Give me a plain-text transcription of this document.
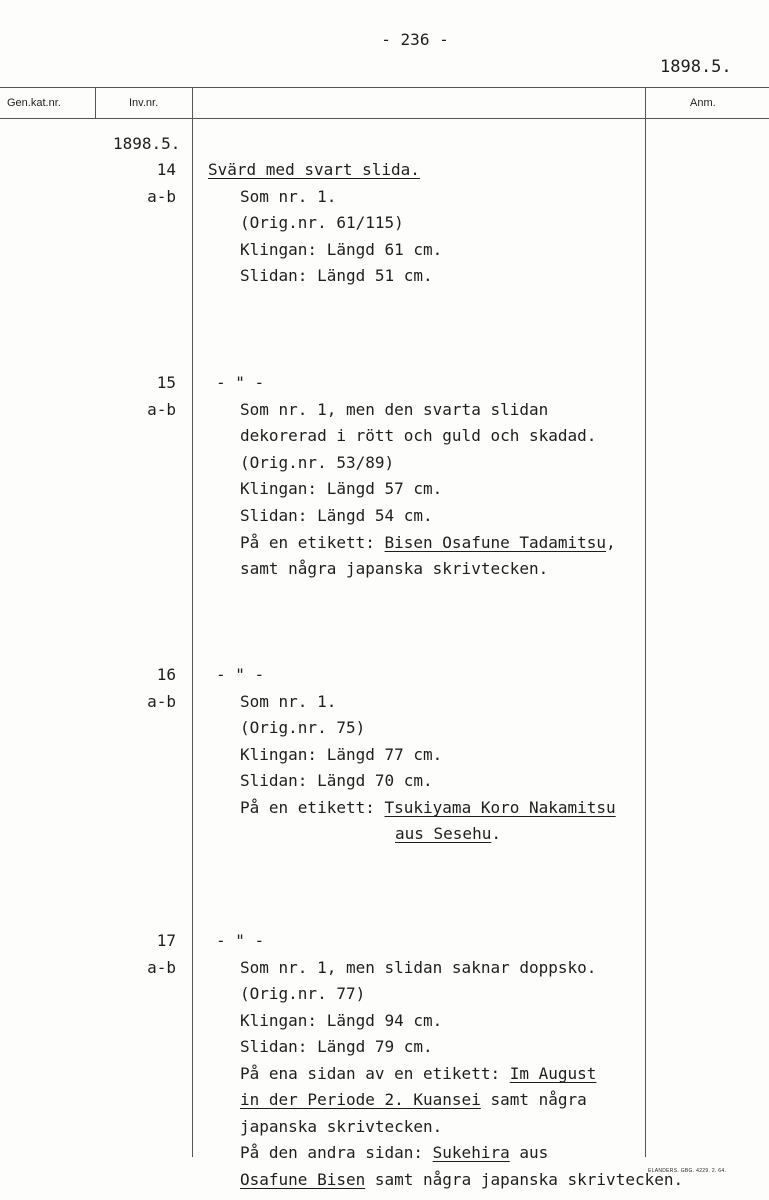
- 236 -
1898.5.
Gen.kat.nr.	Inv.nr.	Anm.
1898.5.
14
a-b
Svärd med svart slida.
Som nr. 1.
(Orig.nr. 61/115)
Klingan: Längd 61 cm.
Slidan: Längd 51 cm.
15
a-b
- " -
Som nr. 1, men den svarta slidan
dekorerad i rött och guld och skadad.
(Orig.nr. 53/89)
Klingan: Längd 57 cm.
Slidan: Längd 54 cm.
På en etikett: Bisen Osafune Tadamitsu,
samt några japanska skrivtecken.
16
a-b
- " -
Som nr. 1.
(Orig.nr. 75)
Klingan: Längd 77 cm.
Slidan: Längd 70 cm.
På en etikett: Tsukiyama Koro Nakamitsu
aus Sesehu.
17
a-b
- " -
Som nr. 1, men slidan saknar doppsko.
(Orig.nr. 77)
Klingan: Längd 94 cm.
Slidan: Längd 79 cm.
På ena sidan av en etikett: Im August
in der Periode 2. Kuansei samt några
japanska skrivtecken.
På den andra sidan: Sukehira aus
Osafune Bisen samt några japanska skrivtecken.
ELANDERS. GBG. 4229. 2. 64.
